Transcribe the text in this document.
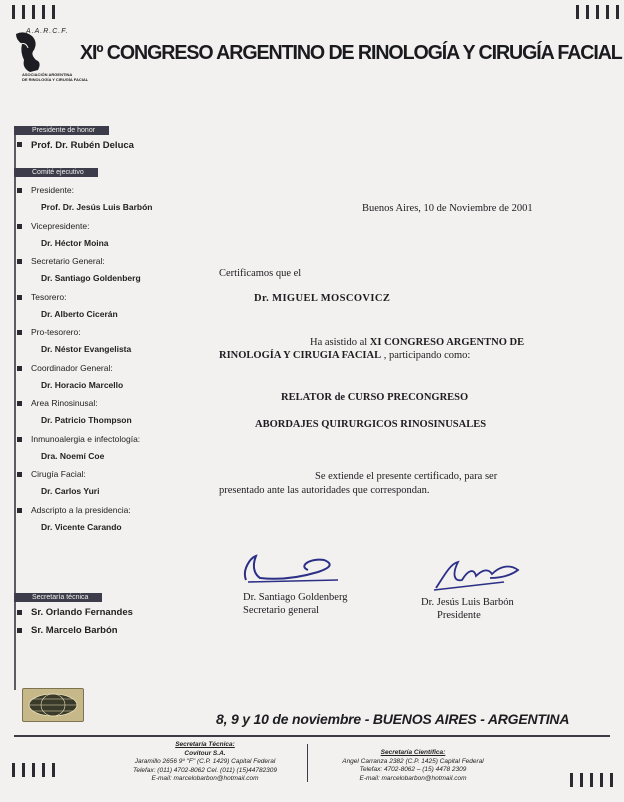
A.A.R.C.F.
ASOCIACIÓN ARGENTINA
DE RINOLOGÍA Y CIRUGÍA FACIAL
XIº CONGRESO ARGENTINO DE RINOLOGÍA Y CIRUGÍA FACIAL
Presidente de honor
Prof. Dr. Rubén Deluca
Comité ejecutivo
Presidente:
Prof. Dr. Jesús Luis Barbón
Vicepresidente:
Dr. Héctor Moina
Secretario General:
Dr. Santiago Goldenberg
Tesorero:
Dr. Alberto Cicerán
Pro-tesorero:
Dr. Néstor Evangelista
Coordinador General:
Dr. Horacio Marcello
Area Rinosinusal:
Dr. Patricio Thompson
Inmunoalergia e infectología:
Dra. Noemí Coe
Cirugía Facial:
Dr. Carlos Yuri
Adscripto a la presidencia:
Dr. Vicente Carando
Secretaría técnica
Sr. Orlando Fernandes
Sr. Marcelo Barbón
Buenos Aires, 10 de Noviembre de 2001
Certificamos que el
Dr. MIGUEL MOSCOVICZ
Ha asistido al XI CONGRESO ARGENTNO DE
RINOLOGÍA Y CIRUGIA FACIAL , participando como:
RELATOR de CURSO PRECONGRESO
ABORDAJES QUIRURGICOS RINOSINUSALES
Se extiende el presente certificado, para ser
presentado ante las autoridades que correspondan.
Dr. Santiago Goldenberg
Secretario general
Dr. Jesús Luis Barbón
Presidente
8, 9 y 10 de noviembre - BUENOS AIRES - ARGENTINA
Secretaría Técnica:
Covitour S.A.
Jaramillo 2656 9º "F" (C.P. 1429) Capital Federal
Telefax: (011) 4702-8062 Cel. (011) (15)44782309
E-mail: marcelobarbon@hotmail.com
Secretaría Científica:
Angel Carranza 2382 (C.P. 1425) Capital Federal
Telefax: 4702-8062 – (15) 4478 2309
E-mail: marcelobarbon@hotmail.com
